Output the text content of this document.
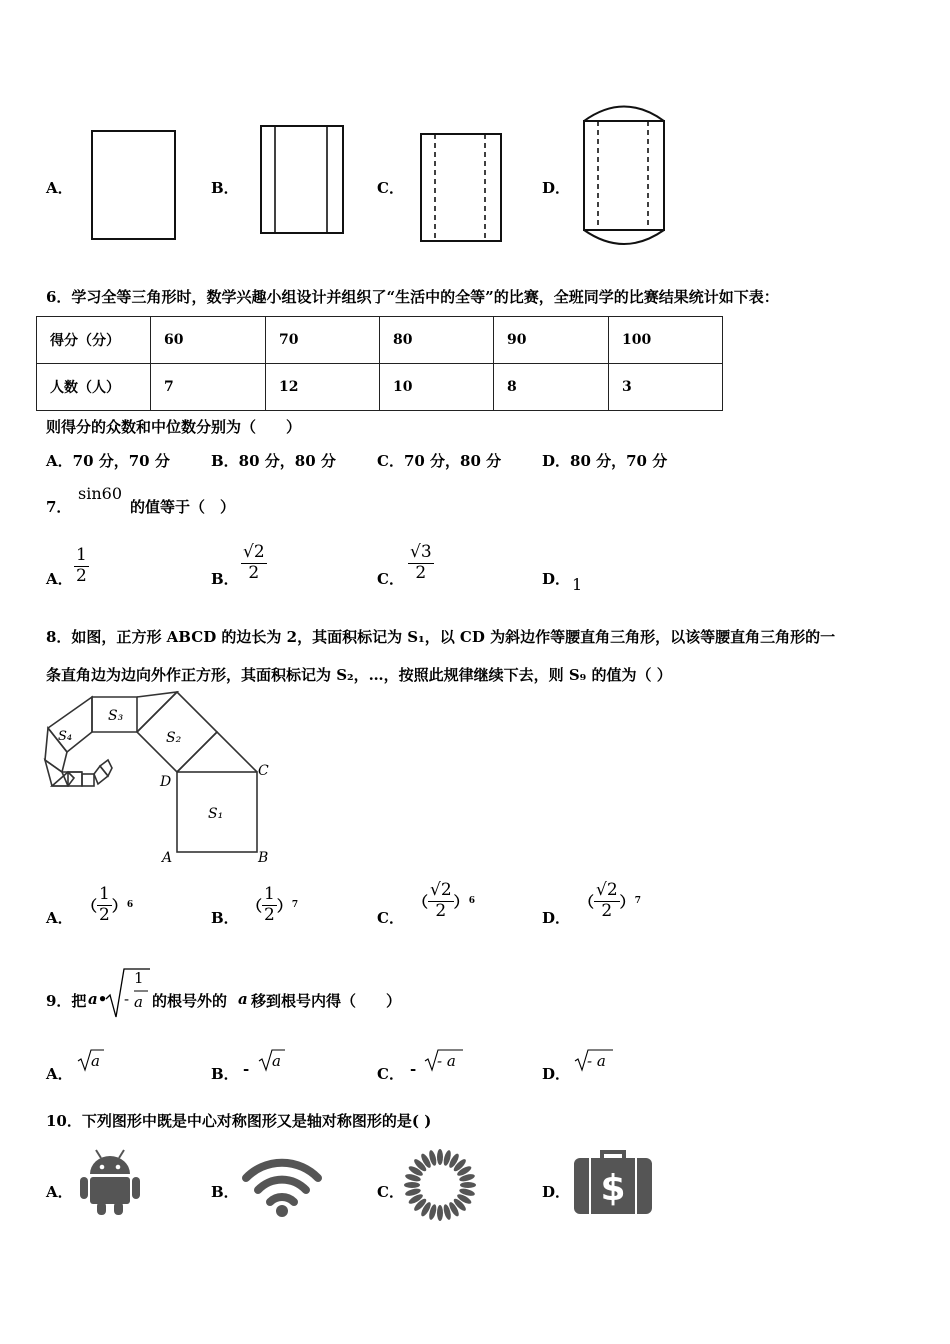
A．	B．	C．	D．
6．学习全等三角形时，数学兴趣小组设计并组织了“生活中的全等”的比赛，全班同学的比赛结果统计如下表：
得分（分）	60	70	80	90	100
人数（人）	7	12	10	8	3
则得分的众数和中位数分别为（　　）
A．70 分，70 分	B．80 分，80 分	C．70 分，80 分	D．80 分，70 分
7．
sin60
的值等于（　）
A． $\frac{1}{2}$	B． $\frac{√2}{2}$	C． $\frac{√3}{2}$	D． 1
8．如图，正方形 ABCD 的边长为 2，其面积标记为 S₁，以 CD 为斜边作等腰直角三角形，以该等腰直角三角形的一
条直角边为边向外作正方形，其面积标记为 S₂，…，按照此规律继续下去，则 S₉ 的值为（ ）
S₁
S₂
S₃
S₄
A	B
C
D
A．
（ $\frac{1}{2}$ ） 6
B．
（ $\frac{1}{2}$ ） 7
C．
（ $\frac{√2}{2}$ ） 6
D．
（ $\frac{√2}{2}$ ） 7
9．把 a• -
1
a 的根号外的 a 移到根号内得（　　）
A．
a
B． - a
C． - - a
D．
- a
10．下列图形中既是中心对称图形又是轴对称图形的是( )
A．	B．	C．	D． $
